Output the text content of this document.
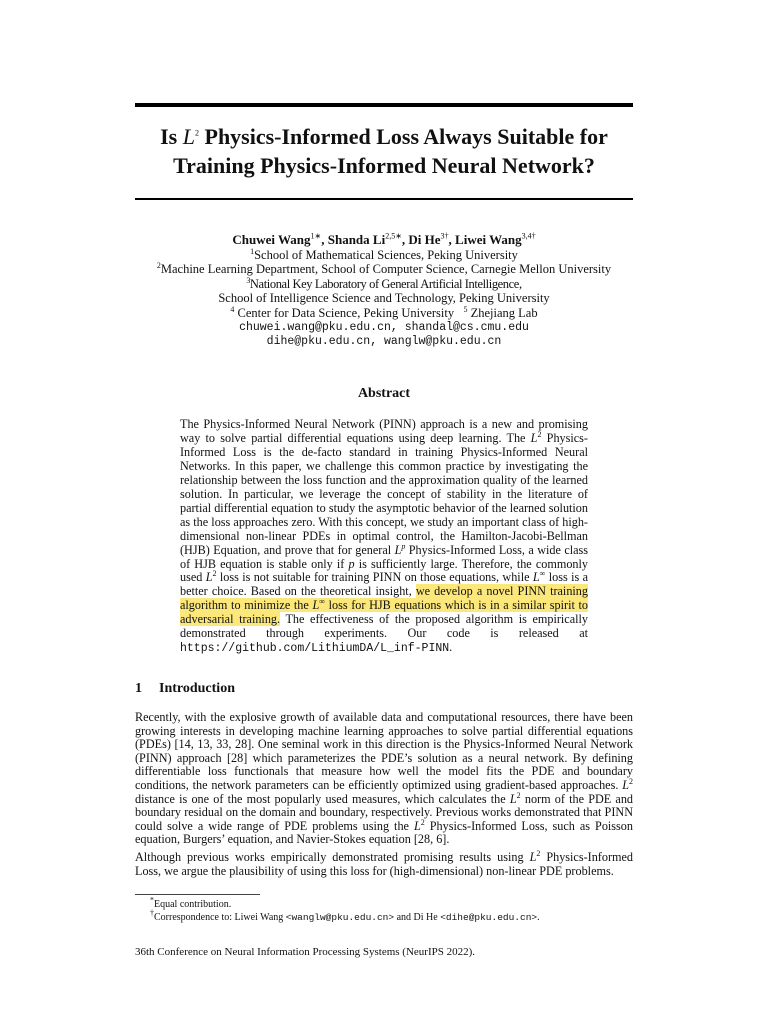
Is $L^2$ Physics-Informed Loss Always Suitable for
Training Physics-Informed Neural Network?
Chuwei Wang$^{1∗}$, Shanda $Li^{2,5∗}$, Di $He^{3\dagger}$, Liwei Wang$^{3,4\dagger}$
$^1$School of Mathematical Sciences, Peking University
$^2$Machine Learning Department, School of Computer Science, Carnegie Mellon University
$^3$National Key Laboratory of General Artificial Intelligence,
School of Intelligence Science and Technology, Peking University
$^4$ Center for Data Science, Peking University $^5$ Zhejiang Lab
chuwei.wang@pku.edu.cn, shandal@cs.cmu.edu
dihe@pku.edu.cn, wanglw@pku.edu.cn
Abstract
The Physics-Informed Neural Network (PINN) approach is a new and promising way to solve partial differential equations using deep learning. The $L^2$ Physics-Informed Loss is the de-facto standard in training Physics-Informed Neural Networks. In this paper, we challenge this common practice by investigating the relationship between the loss function and the approximation quality of the learned solution. In particular, we leverage the concept of stability in the literature of partial differential equation to study the asymptotic behavior of the learned solution as the loss approaches zero. With this concept, we study an important class of high-dimensional non-linear PDEs in optimal control, the Hamilton-Jacobi-Bellman (HJB) Equation, and prove that for general $L^p$ Physics-Informed Loss, a wide class of HJB equation is stable only if p is sufficiently large. Therefore, the commonly used $L^2$ loss is not suitable for training PINN on those equations, while L∞ loss is a better choice. Based on the theoretical insight, we develop a novel PINN training algorithm to minimize the L∞ loss for HJB equations which is in a similar spirit to adversarial training. The effectiveness of the proposed algorithm is empirically demonstrated through experiments. Our code is released at https://github.com/LithiumDA/L_inf-PINN.
1 Introduction

Recently, with the explosive growth of available data and computational resources, there have been growing interests in developing machine learning approaches to solve partial differential equations (PDEs) [14, 13, 33, 28]. One seminal work in this direction is the Physics-Informed Neural Network (PINN) approach [28] which parameterizes the PDE’s solution as a neural network. By defining differentiable loss functionals that measure how well the model fits the PDE and boundary conditions, the network parameters can be efficiently optimized using gradient-based approaches. $L^2$ distance is one of the most popularly used measures, which calculates the $L^2$ norm of the PDE and boundary residual on the domain and boundary, respectively. Previous works demonstrated that PINN could solve a wide range of PDE problems using the $L^2$ Physics-Informed Loss, such as Poisson equation, Burgers’ equation, and Navier-Stokes equation [28, 6].

Although previous works empirically demonstrated promising results using $L^2$ Physics-Informed Loss, we argue the plausibility of using this loss for (high-dimensional) non-linear PDE problems.

*Equal contribution.
†Correspondence to: Liwei Wang <wanglw@pku.edu.cn> and Di He <dihe@pku.edu.cn>.
36th Conference on Neural Information Processing Systems (NeurIPS 2022).
